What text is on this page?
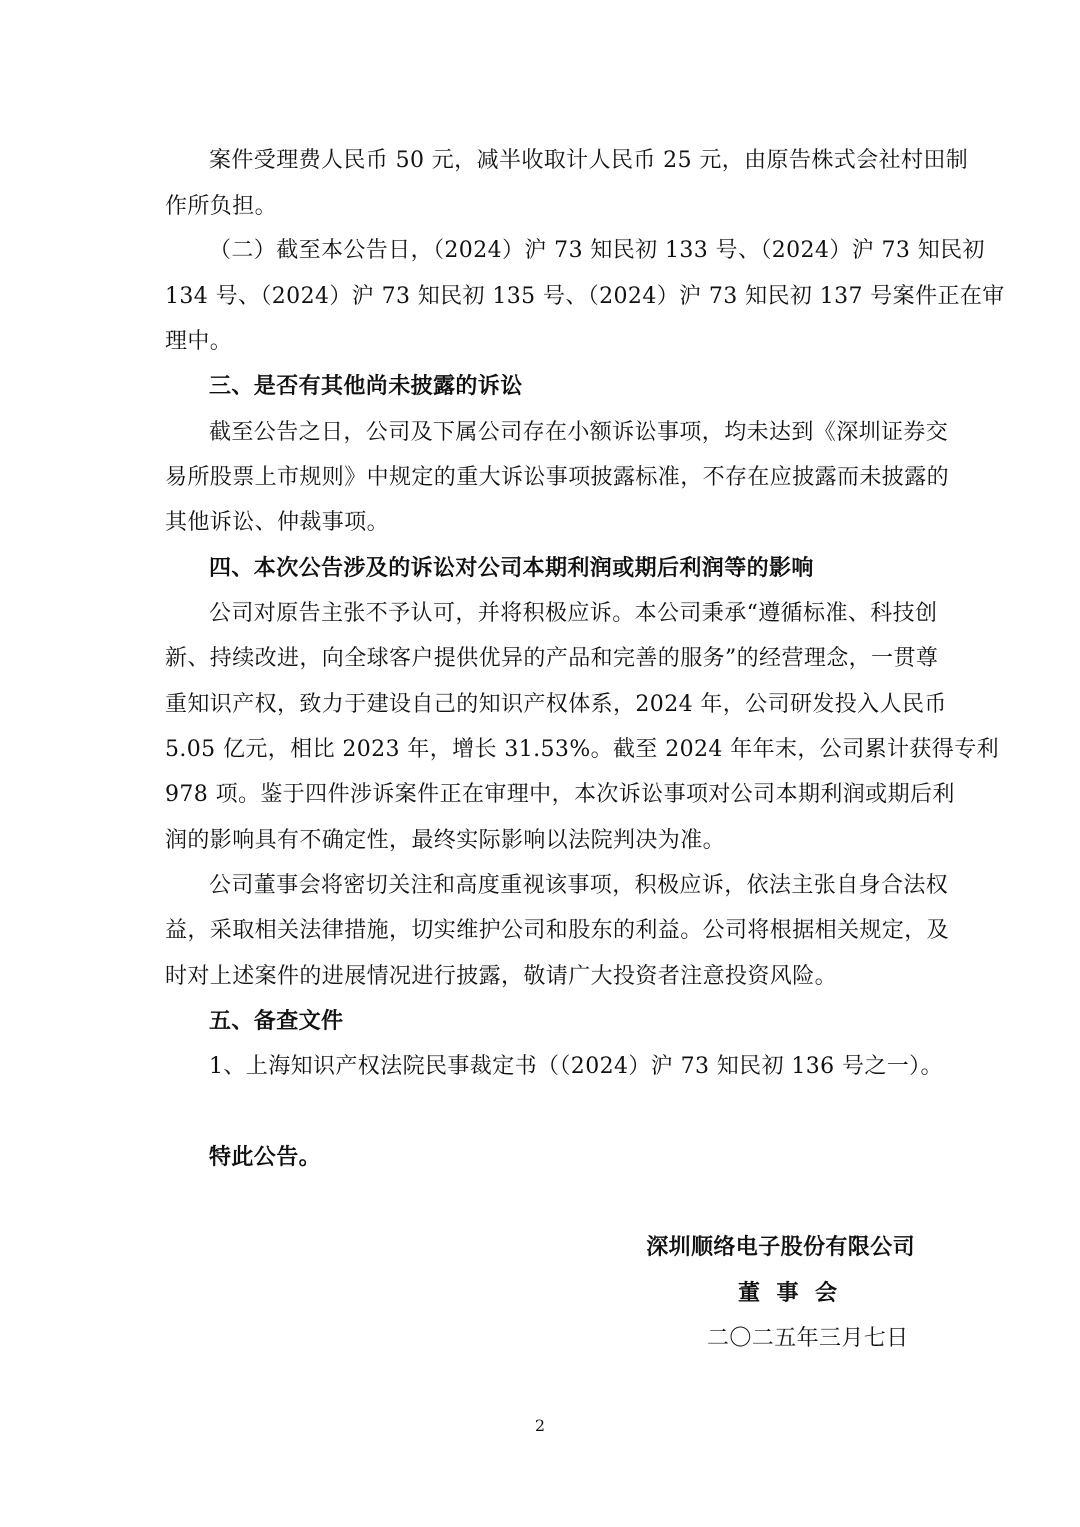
案件受理费人民币 50 元，减半收取计人民币 25 元，由原告株式会社村田制
作所负担。
（二）截至本公告日，（2024）沪 73 知民初 133 号、（2024）沪 73 知民初
134 号、（2024）沪 73 知民初 135 号、（2024）沪 73 知民初 137 号案件正在审
理中。
三、是否有其他尚未披露的诉讼
截至公告之日，公司及下属公司存在小额诉讼事项，均未达到《深圳证券交
易所股票上市规则》中规定的重大诉讼事项披露标准，不存在应披露而未披露的
其他诉讼、仲裁事项。
四、本次公告涉及的诉讼对公司本期利润或期后利润等的影响
公司对原告主张不予认可，并将积极应诉。本公司秉承“遵循标准、科技创
新、持续改进，向全球客户提供优异的产品和完善的服务”的经营理念，一贯尊
重知识产权，致力于建设自己的知识产权体系，2024 年，公司研发投入人民币
5.05 亿元，相比 2023 年，增长 31.53%。截至 2024 年年末，公司累计获得专利
978 项。鉴于四件涉诉案件正在审理中，本次诉讼事项对公司本期利润或期后利
润的影响具有不确定性，最终实际影响以法院判决为准。
公司董事会将密切关注和高度重视该事项，积极应诉，依法主张自身合法权
益，采取相关法律措施，切实维护公司和股东的利益。公司将根据相关规定，及
时对上述案件的进展情况进行披露，敬请广大投资者注意投资风险。
五、备查文件
1、上海知识产权法院民事裁定书（（2024）沪 73 知民初 136 号之一）。
特此公告。
深圳顺络电子股份有限公司
董  事  会
二〇二五年三月七日
2
